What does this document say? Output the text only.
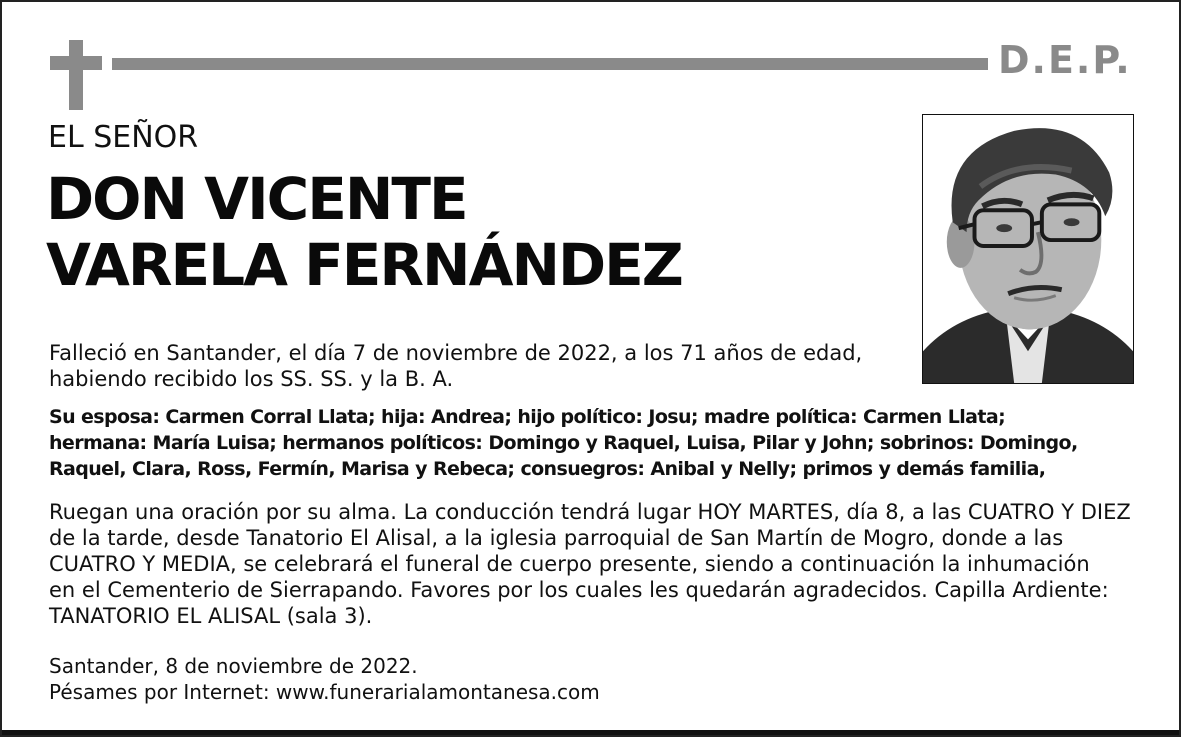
D.E.P.
EL SEÑOR
DON VICENTE
VARELA FERNÁNDEZ
Falleció en Santander, el día 7 de noviembre de 2022, a los 71 años de edad,
habiendo recibido los SS. SS. y la B. A.
Su esposa: Carmen Corral Llata; hija: Andrea; hijo político: Josu; madre política: Carmen Llata;
hermana: María Luisa; hermanos políticos: Domingo y Raquel, Luisa, Pilar y John; sobrinos: Domingo,
Raquel, Clara, Ross, Fermín, Marisa y Rebeca; consuegros: Anibal y Nelly; primos y demás familia,
Ruegan una oración por su alma. La conducción tendrá lugar HOY MARTES, día 8, a las CUATRO Y DIEZ
de la tarde, desde Tanatorio El Alisal, a la iglesia parroquial de San Martín de Mogro, donde a las
CUATRO Y MEDIA, se celebrará el funeral de cuerpo presente, siendo a continuación la inhumación
en el Cementerio de Sierrapando. Favores por los cuales les quedarán agradecidos. Capilla Ardiente:
TANATORIO EL ALISAL (sala 3).
Santander, 8 de noviembre de 2022.
Pésames por Internet: www.funerarialamontanesa.com
